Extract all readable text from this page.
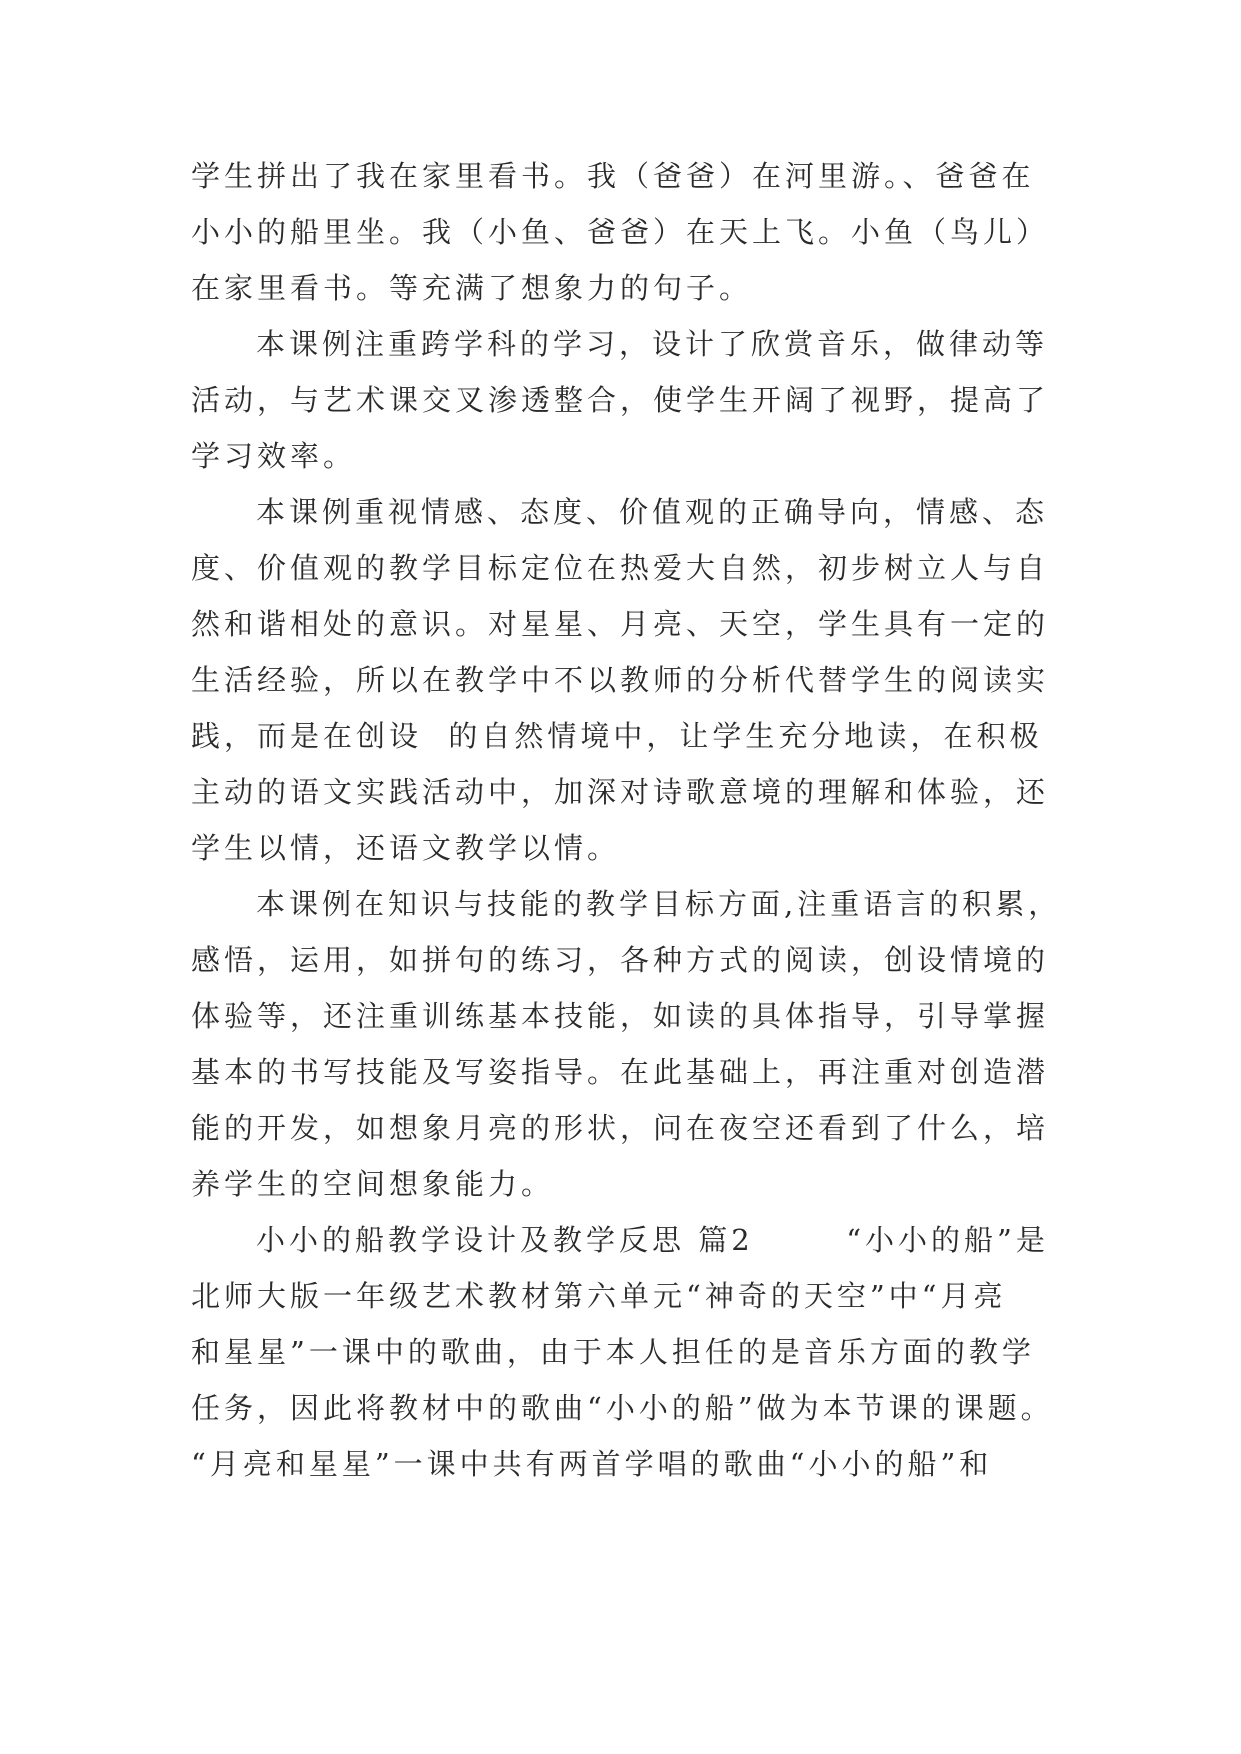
学生拼出了我在家里看书。我（爸爸）在河里游。、爸爸在
小小的船里坐。我（小鱼、爸爸）在天上飞。小鱼（鸟儿）
在家里看书。等充满了想象力的句子。
本课例注重跨学科的学习，设计了欣赏音乐，做律动等
活动，与艺术课交叉渗透整合，使学生开阔了视野，提高了
学习效率。
本课例重视情感、态度、价值观的正确导向，情感、态
度、价值观的教学目标定位在热爱大自然，初步树立人与自
然和谐相处的意识。对星星、月亮、天空，学生具有一定的
生活经验，所以在教学中不以教师的分析代替学生的阅读实
践，而是在创设  的自然情境中，让学生充分地读，在积极
主动的语文实践活动中，加深对诗歌意境的理解和体验，还
学生以情，还语文教学以情。
本课例在知识与技能的教学目标方面,注重语言的积累，
感悟，运用，如拼句的练习，各种方式的阅读，创设情境的
体验等，还注重训练基本技能，如读的具体指导，引导掌握
基本的书写技能及写姿指导。在此基础上，再注重对创造潜
能的开发，如想象月亮的形状，问在夜空还看到了什么，培
养学生的空间想象能力。
小小的船教学设计及教学反思 篇2       “小小的船”是
北师大版一年级艺术教材第六单元“神奇的天空”中“月亮
和星星”一课中的歌曲，由于本人担任的是音乐方面的教学
任务，因此将教材中的歌曲“小小的船”做为本节课的课题。
“月亮和星星”一课中共有两首学唱的歌曲“小小的船”和
